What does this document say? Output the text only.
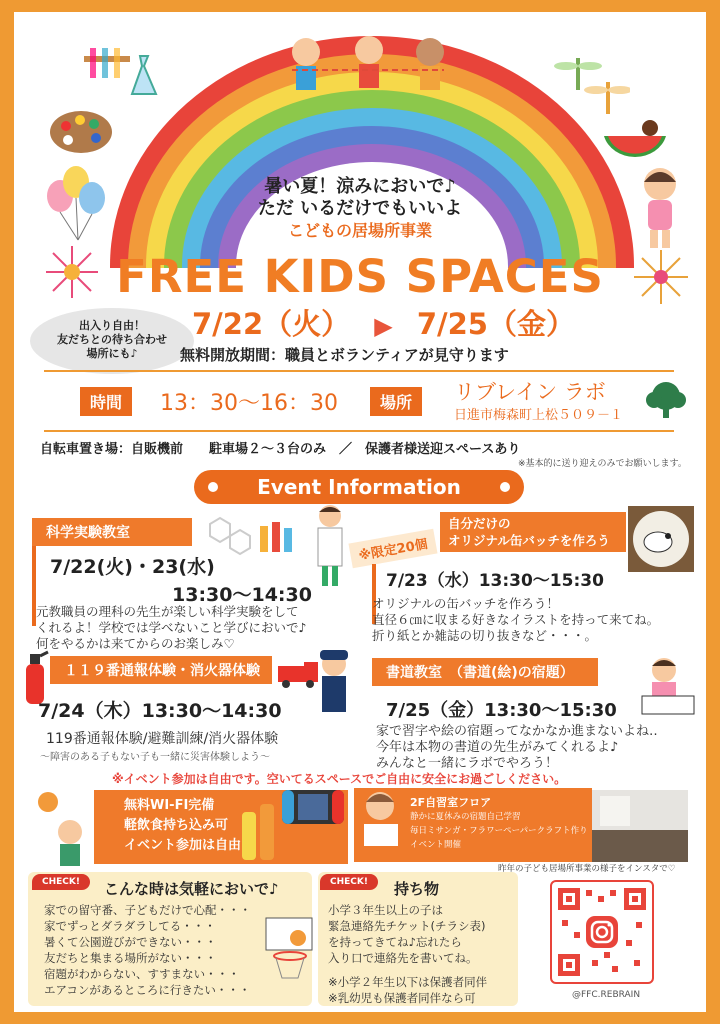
暑い夏！涼みにおいで♪
ただ いるだけでもいいよ
こどもの居場所事業
FREE KIDS SPACES
7/22（火） ▶ 7/25（金）
出入り自由！
友だちとの待ち合わせ
場所にも♪	無料開放期間：職員とボランティアが見守ります
時間	13：30〜16：30	場所	リブレイン ラボ
日進市梅森町上松５０９－１
自転車置き場：自販機前　　駐車場２〜３台のみ　／　保護者様送迎スペースあり
※基本的に送り迎えのみでお願いします。
Event Information
科学実験教室
7/22(火)・23(水)
13:30〜14:30
元教職員の理科の先生が楽しい科学実験をして
くれるよ！学校では学べないこと学びにおいで♪
何をやるかは来てからのお楽しみ♡
※限定20個
自分だけの
オリジナル缶バッチを作ろう
7/23（水）13:30〜15:30
オリジナルの缶バッチを作ろう！
直径６㎝に収まる好きなイラストを持って来てね。
折り紙とか雑誌の切り抜きなど・・・。
１１９番通報体験・消火器体験
7/24（木）13:30〜14:30
119番通報体験/避難訓練/消火器体験
〜障害のある子もない子も一緒に災害体験しよう〜
書道教室　（書道(絵)の宿題）
7/25（金）13:30〜15:30
家で習字や絵の宿題ってなかなか進まないよね‥
今年は本物の書道の先生がみてくれるよ♪
みんなと一緒にラボでやろう！
※イベント参加は自由です。空いてるスペースでご自由に安全にお過ごしください。
無料WI-FI完備
軽飲食持ち込み可
イベント参加は自由
2F自習室フロア
静かに夏休みの宿題自己学習
毎日ミサンガ・フラワーペーパークラフト作り
イベント開催
CHECK!	こんな時は気軽においで♪
家での留守番、子どもだけで心配・・・
家でずっとダラダラしてる・・・
暑くて公園遊びができない・・・
友だちと集まる場所がない・・・
宿題がわからない、すすまない・・・
エアコンがあるところに行きたい・・・
CHECK!	持ち物
小学３年生以上の子は
緊急連絡先チケット(チラシ表)
を持ってきてね♪忘れたら
入り口で連絡先を書いてね。
※小学２年生以下は保護者同伴
※乳幼児も保護者同伴なら可
昨年の子ども居場所事業の様子をインスタで♡
@FFC.REBRAIN
